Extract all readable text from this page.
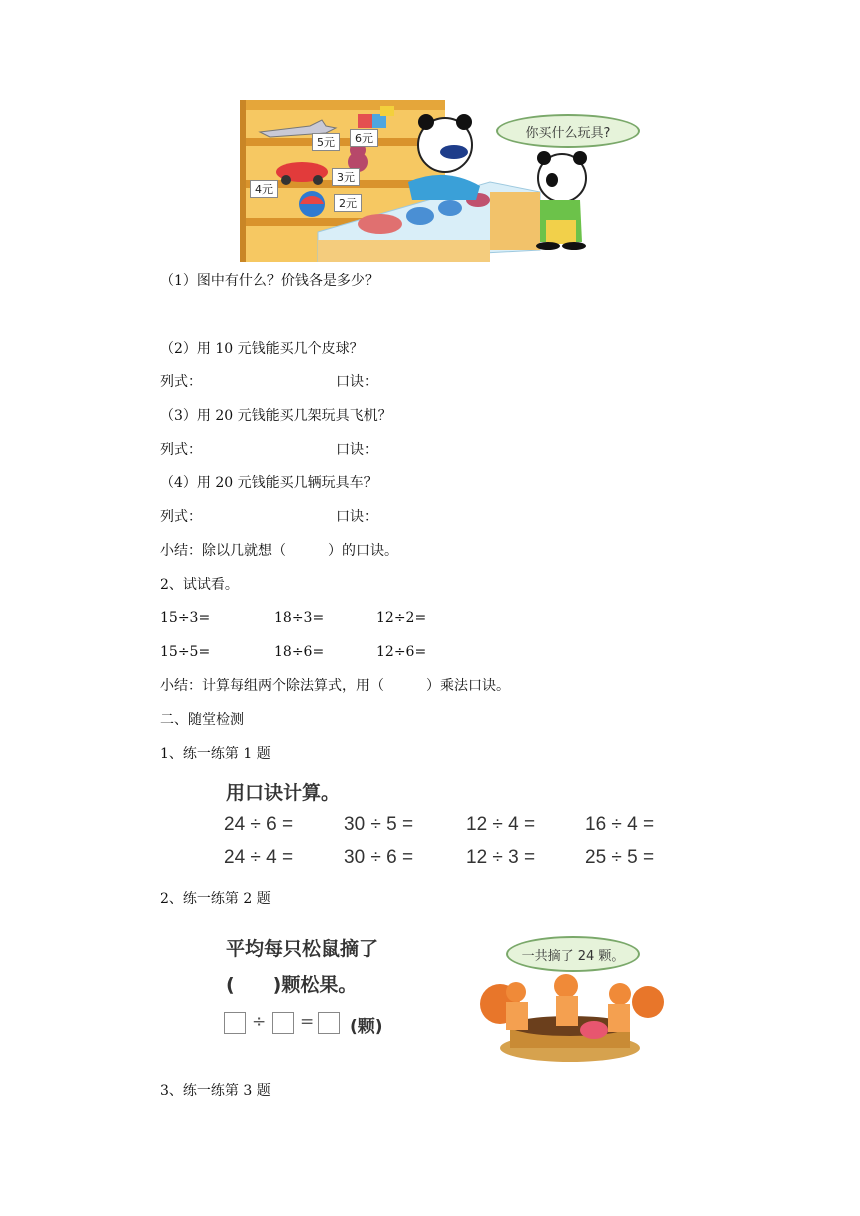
5元	6元
4元
3元
2元
你买什么玩具?
（1）图中有什么？价钱各是多少？
（2）用 10 元钱能买几个皮球？
列式：	口诀：
（3）用 20 元钱能买几架玩具飞机？
列式：	口诀：
（4）用 20 元钱能买几辆玩具车？
列式：	口诀：
小结：除以几就想（　　　）的口诀。
2、试试看。
15÷3=	18÷3=	12÷2=
15÷5=	18÷6=	12÷6=
小结：计算每组两个除法算式，用（　　　）乘法口诀。
二、随堂检测
1、练一练第 1 题
用口诀计算。
24 ÷ 6 =	30 ÷ 5 =	12 ÷ 4 =	16 ÷ 4 =
24 ÷ 4 =	30 ÷ 6 =	12 ÷ 3 =	25 ÷ 5 =
2、练一练第 2 题
平均每只松鼠摘了
(　　)颗松果。
÷ = (颗)
一共摘了 24 颗。
3、练一练第 3 题
